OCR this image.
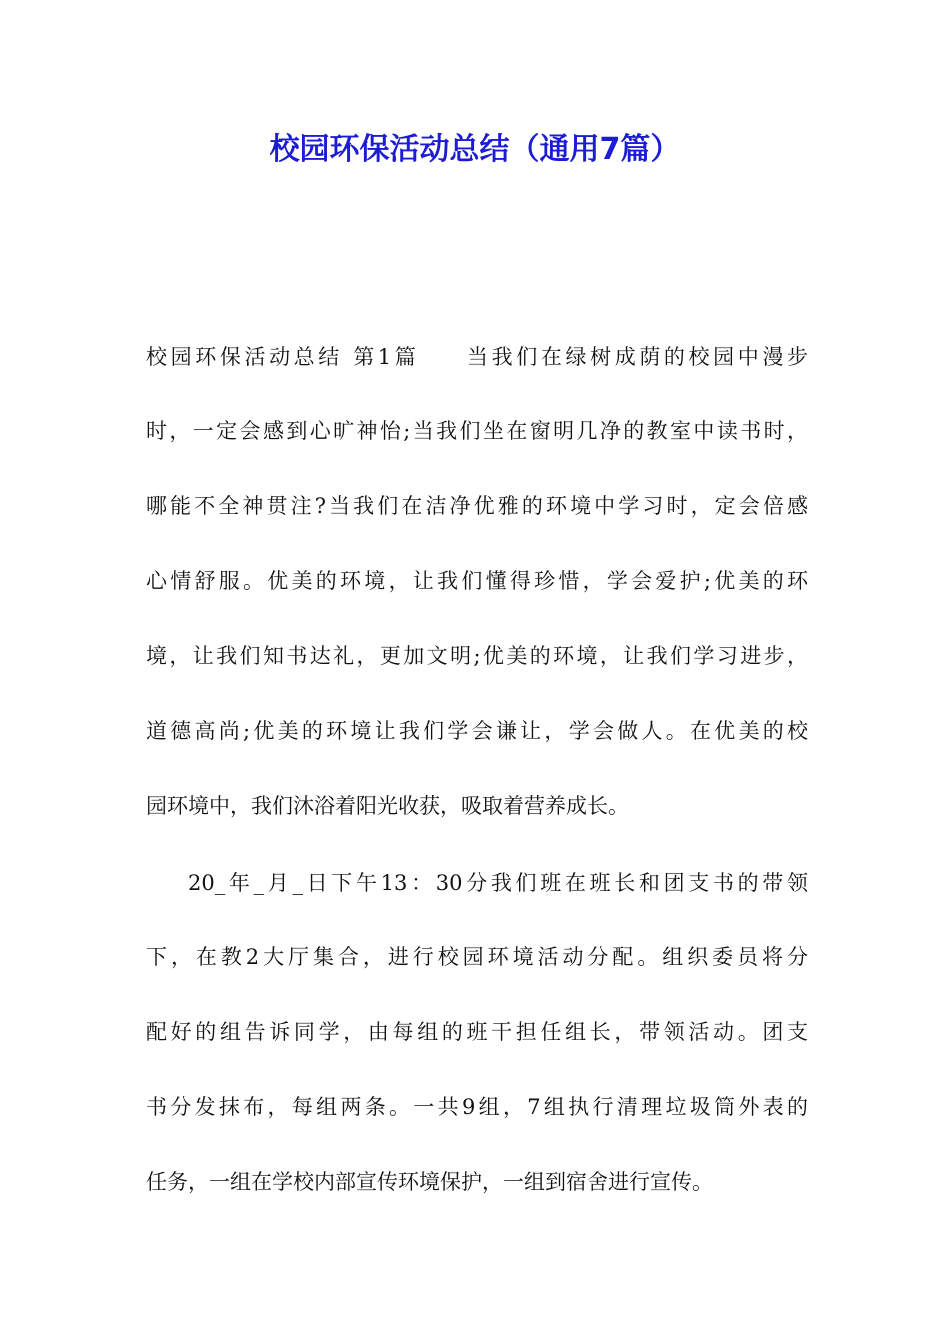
校园环保活动总结（通用7篇）
校园环保活动总结 第1篇 当我们在绿树成荫的校园中漫步
时，一定会感到心旷神怡;当我们坐在窗明几净的教室中读书时，
哪能不全神贯注?当我们在洁净优雅的环境中学习时，定会倍感
心情舒服。优美的环境，让我们懂得珍惜，学会爱护;优美的环
境，让我们知书达礼，更加文明;优美的环境，让我们学习进步，
道德高尚;优美的环境让我们学会谦让，学会做人。在优美的校
园环境中，我们沐浴着阳光收获，吸取着营养成长。
20_年_月_日下午13：30分我们班在班长和团支书的带领
下，在教2大厅集合，进行校园环境活动分配。组织委员将分
配好的组告诉同学，由每组的班干担任组长，带领活动。团支
书分发抹布，每组两条。一共9组，7组执行清理垃圾筒外表的
任务，一组在学校内部宣传环境保护，一组到宿舍进行宣传。
